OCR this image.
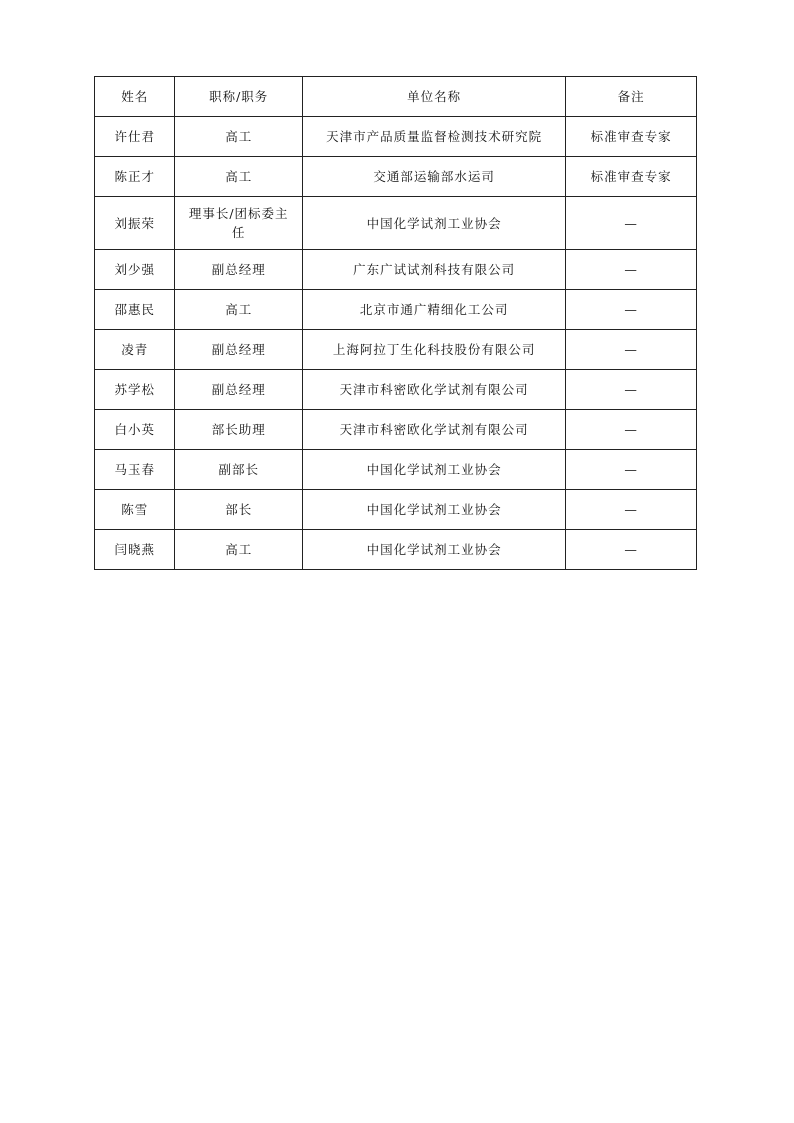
姓名	职称/职务	单位名称	备注
许仕君	高工	天津市产品质量监督检测技术研究院	标准审查专家
陈正才	高工	交通部运输部水运司	标准审查专家
刘振荣	理事长/团标委主任	中国化学试剂工业协会	—
刘少强	副总经理	广东广试试剂科技有限公司	—
邵惠民	高工	北京市通广精细化工公司	—
凌青	副总经理	上海阿拉丁生化科技股份有限公司	—
苏学松	副总经理	天津市科密欧化学试剂有限公司	—
白小英	部长助理	天津市科密欧化学试剂有限公司	—
马玉春	副部长	中国化学试剂工业协会	—
陈雪	部长	中国化学试剂工业协会	—
闫晓燕	高工	中国化学试剂工业协会	—
